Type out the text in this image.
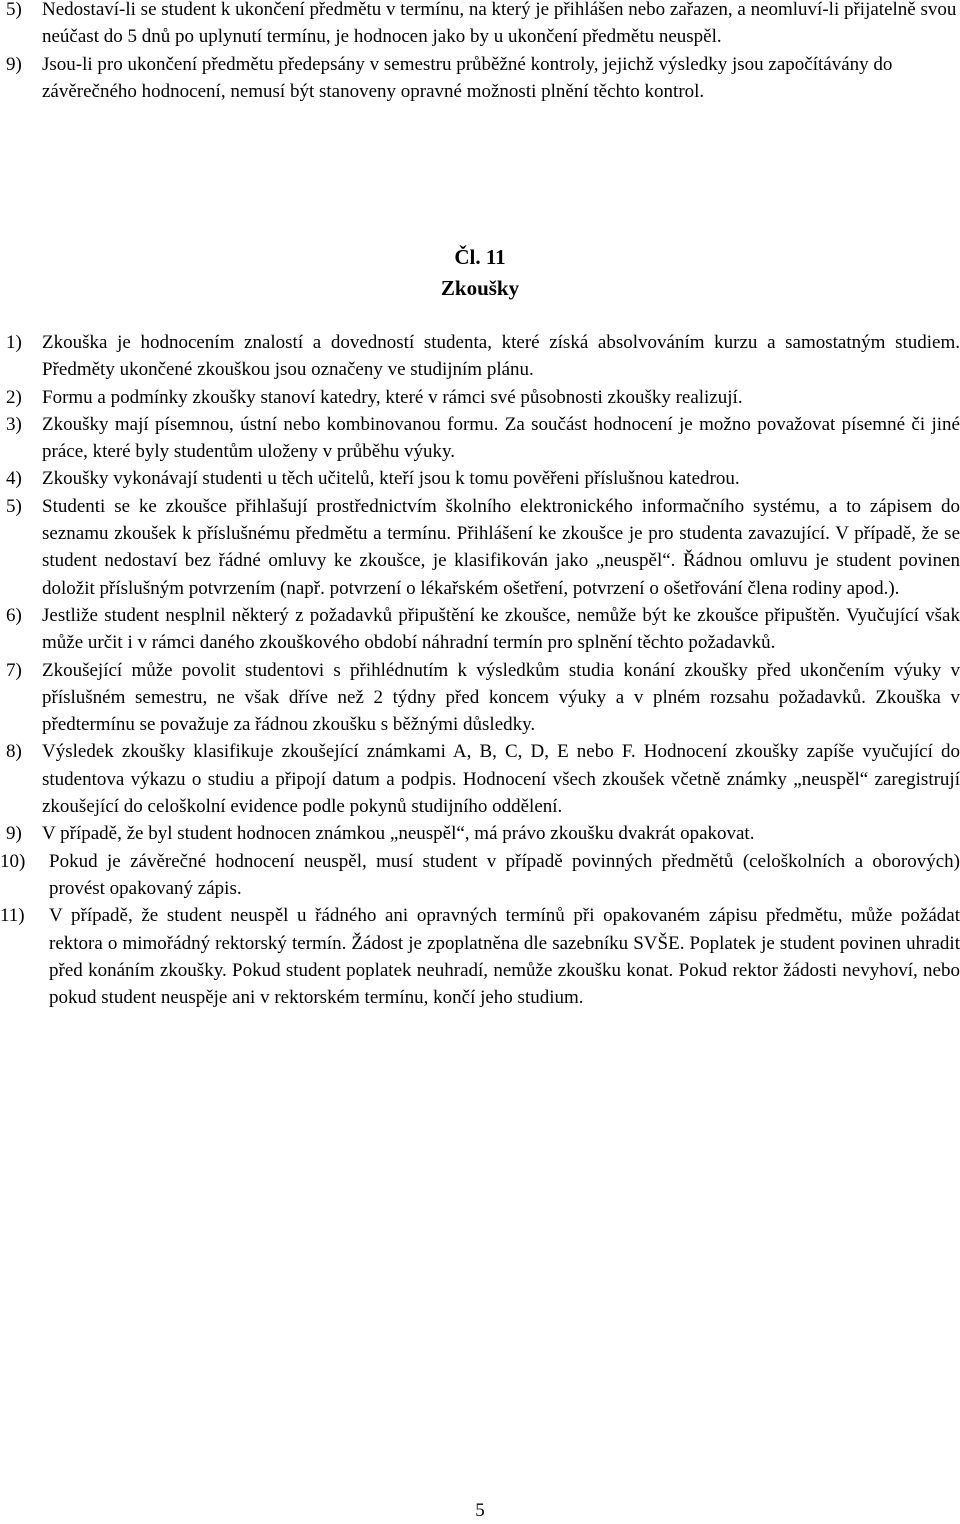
5)	Nedostaví-li se student k ukončení předmětu v termínu, na který je přihlášen nebo zařazen, a neomluví-li přijatelně svou neúčast do 5 dnů po uplynutí termínu, je hodnocen jako by u ukončení předmětu neuspěl.
9)	Jsou-li pro ukončení předmětu předepsány v semestru průběžné kontroly, jejichž výsledky jsou započítávány do závěrečného hodnocení, nemusí být stanoveny opravné možnosti plnění těchto kontrol.
Čl. 11
Zkoušky
1)	Zkouška je hodnocením znalostí a dovedností studenta, které získá absolvováním kurzu a samostatným studiem. Předměty ukončené zkouškou jsou označeny ve studijním plánu.
2)	Formu a podmínky zkoušky stanoví katedry, které v rámci své působnosti zkoušky realizují.
3)	Zkoušky mají písemnou, ústní nebo kombinovanou formu. Za součást hodnocení je možno považovat písemné či jiné práce, které byly studentům uloženy v průběhu výuky.
4)	Zkoušky vykonávají studenti u těch učitelů, kteří jsou k tomu pověřeni příslušnou katedrou.
5)	Studenti se ke zkoušce přihlašují prostřednictvím školního elektronického informačního systému, a to zápisem do seznamu zkoušek k příslušnému předmětu a termínu. Přihlášení ke zkoušce je pro studenta zavazující. V případě, že se student nedostaví bez řádné omluvy ke zkoušce, je klasifikován jako „neuspěl“. Řádnou omluvu je student povinen doložit příslušným potvrzením (např. potvrzení o lékařském ošetření, potvrzení o ošetřování člena rodiny apod.).
6)	Jestliže student nesplnil některý z požadavků připuštění ke zkoušce, nemůže být ke zkoušce připuštěn. Vyučující však může určit i v rámci daného zkouškového období náhradní termín pro splnění těchto požadavků.
7)	Zkoušející může povolit studentovi s přihlédnutím k výsledkům studia konání zkoušky před ukončením výuky v příslušném semestru, ne však dříve než 2 týdny před koncem výuky a v plném rozsahu požadavků. Zkouška v předtermínu se považuje za řádnou zkoušku s běžnými důsledky.
8)	Výsledek zkoušky klasifikuje zkoušející známkami A, B, C, D, E nebo F. Hodnocení zkoušky zapíše vyučující do studentova výkazu o studiu a připojí datum a podpis. Hodnocení všech zkoušek včetně známky „neuspěl“ zaregistrují zkoušející do celoškolní evidence podle pokynů studijního oddělení.
9)	V případě, že byl student hodnocen známkou „neuspěl“, má právo zkoušku dvakrát opakovat.
10)	Pokud je závěrečné hodnocení neuspěl, musí student v případě povinných předmětů (celoškolních a oborových) provést opakovaný zápis.
11)	V případě, že student neuspěl u řádného ani opravných termínů při opakovaném zápisu předmětu, může požádat rektora o mimořádný rektorský termín. Žádost je zpoplatněna dle sazebníku SVŠE. Poplatek je student povinen uhradit před konáním zkoušky. Pokud student poplatek neuhradí, nemůže zkoušku konat. Pokud rektor žádosti nevyhoví, nebo pokud student neuspěje ani v rektorském termínu, končí jeho studium.
5
